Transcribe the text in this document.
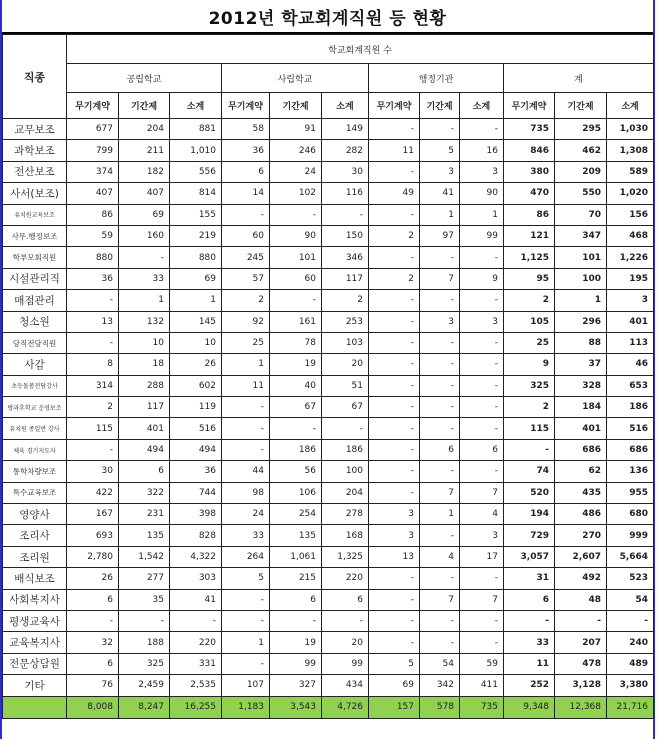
2012년 학교회계직원 등 현황
직종	학교회계직원 수											
	공립학교			사립학교			행정기관			계		
	무기계약	기간제	소계	무기계약	기간제	소계	무기계약	기간제	소계	무기계약	기간제	소계
교무보조	677	204	881	58	91	149	-	-	-	735	295	1,030
과학보조	799	211	1,010	36	246	282	11	5	16	846	462	1,308
전산보조	374	182	556	6	24	30	-	3	3	380	209	589
사서(보조)	407	407	814	14	102	116	49	41	90	470	550	1,020
유치원교육보조	86	69	155	-	-	-	-	1	1	86	70	156
사무.행정보조	59	160	219	60	90	150	2	97	99	121	347	468
학부모회직원	880	-	880	245	101	346	-	-	-	1,125	101	1,226
시설관리직	36	33	69	57	60	117	2	7	9	95	100	195
매점관리	-	1	1	2	-	2	-	-	-	2	1	3
청소원	13	132	145	92	161	253	-	3	3	105	296	401
당직전담직원	-	10	10	25	78	103	-	-	-	25	88	113
사감	8	18	26	1	19	20	-	-	-	9	37	46
초등돌봄전담강사	314	288	602	11	40	51	-	-	-	325	328	653
방과후학교 운영보조	2	117	119	-	67	67	-	-	-	2	184	186
유치원 종일반 강사	115	401	516	-	-	-	-	-	-	115	401	516
체육 경기지도자	-	494	494	-	186	186	-	6	6	-	686	686
통학차량보조	30	6	36	44	56	100	-	-	-	74	62	136
특수교육보조	422	322	744	98	106	204	-	7	7	520	435	955
영양사	167	231	398	24	254	278	3	1	4	194	486	680
조리사	693	135	828	33	135	168	3	-	3	729	270	999
조리원	2,780	1,542	4,322	264	1,061	1,325	13	4	17	3,057	2,607	5,664
배식보조	26	277	303	5	215	220	-	-	-	31	492	523
사회복지사	6	35	41	-	6	6	-	7	7	6	48	54
평생교육사	-	-	-	-	-	-	-	-	-	-	-	-
교육복지사	32	188	220	1	19	20	-	-	-	33	207	240
전문상담원	6	325	331	-	99	99	5	54	59	11	478	489
기타	76	2,459	2,535	107	327	434	69	342	411	252	3,128	3,380
	8,008	8,247	16,255	1,183	3,543	4,726	157	578	735	9,348	12,368	21,716
